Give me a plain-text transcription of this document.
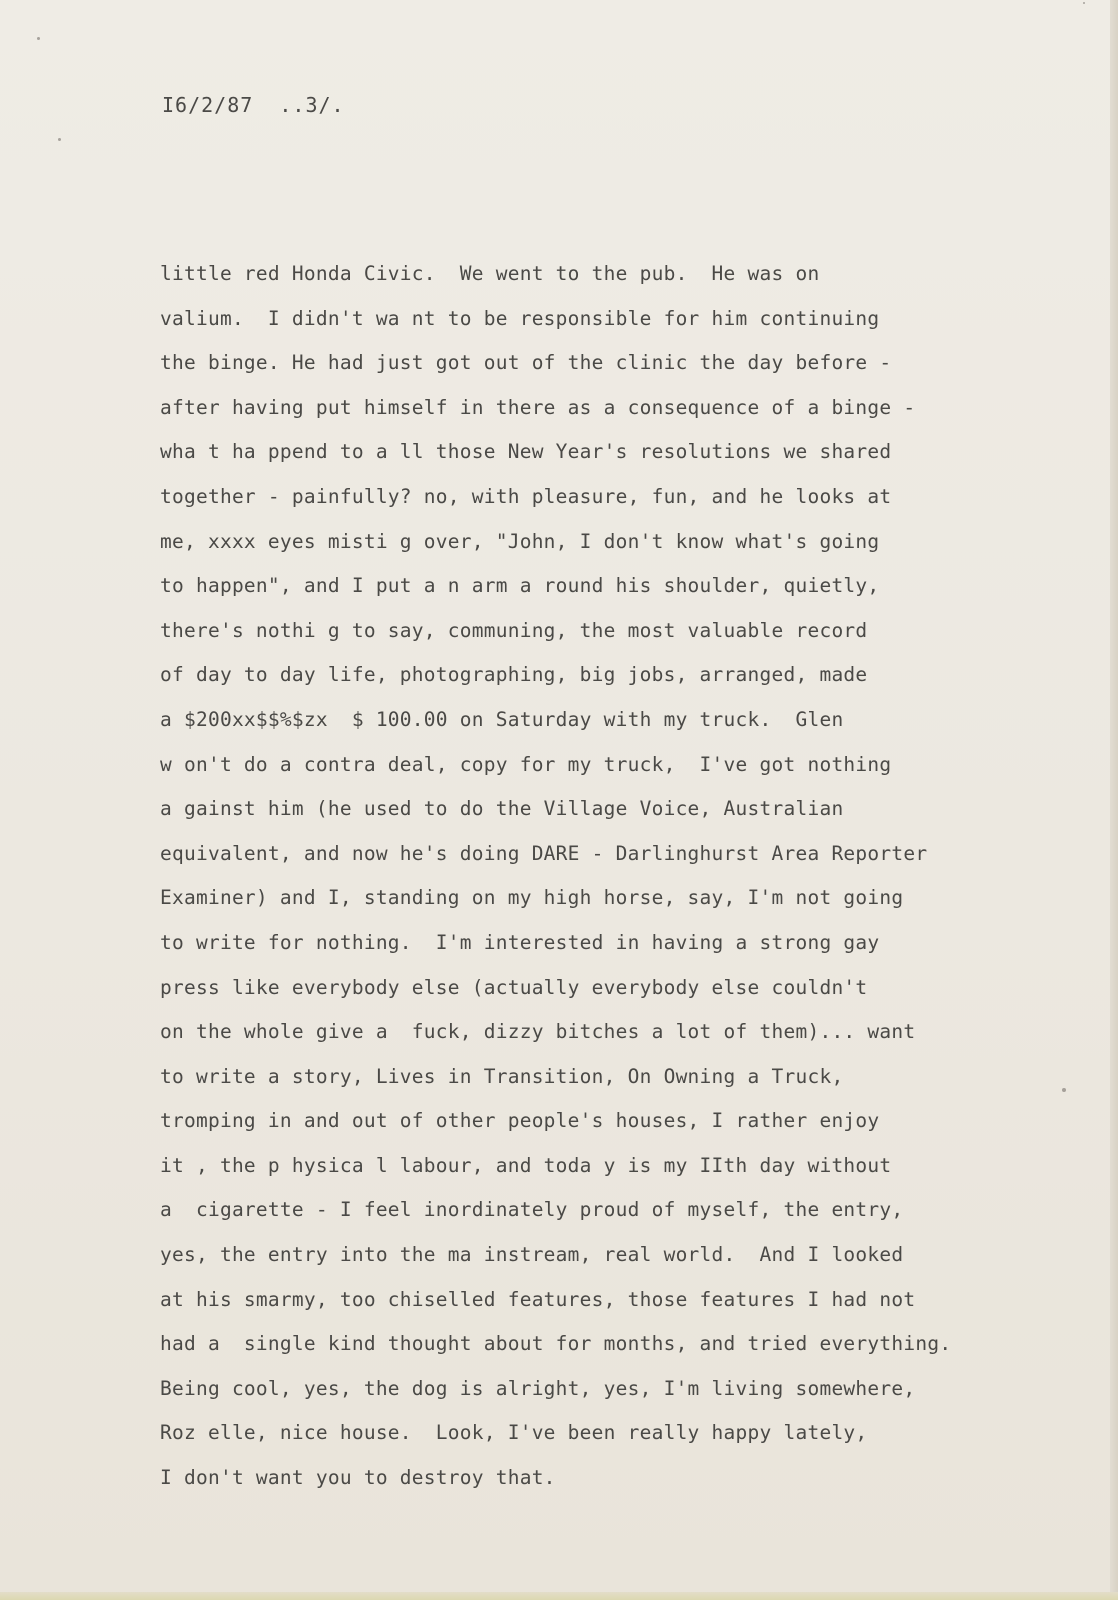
I6/2/87  ..3/.
little red Honda Civic.  We went to the pub.  He was on
valium.  I didn't wa nt to be responsible for him continuing
the binge. He had just got out of the clinic the day before -
after having put himself in there as a consequence of a binge -
wha t ha ppend to a ll those New Year's resolutions we shared
together - painfully? no, with pleasure, fun, and he looks at
me, xxxx eyes misti g over, "John, I don't know what's going
to happen", and I put a n arm a round his shoulder, quietly,
there's nothi g to say, communing, the most valuable record
of day to day life, photographing, big jobs, arranged, made
a $200xx$$%$zx  $ 100.00 on Saturday with my truck.  Glen
w on't do a contra deal, copy for my truck,  I've got nothing
a gainst him (he used to do the Village Voice, Australian
equivalent, and now he's doing DARE - Darlinghurst Area Reporter
Examiner) and I, standing on my high horse, say, I'm not going
to write for nothing.  I'm interested in having a strong gay
press like everybody else (actually everybody else couldn't
on the whole give a  fuck, dizzy bitches a lot of them)... want
to write a story, Lives in Transition, On Owning a Truck,
tromping in and out of other people's houses, I rather enjoy
it , the p hysica l labour, and toda y is my IIth day without
a  cigarette - I feel inordinately proud of myself, the entry,
yes, the entry into the ma instream, real world.  And I looked
at his smarmy, too chiselled features, those features I had not
had a  single kind thought about for months, and tried everything.
Being cool, yes, the dog is alright, yes, I'm living somewhere,
Roz elle, nice house.  Look, I've been really happy lately,
I don't want you to destroy that.
